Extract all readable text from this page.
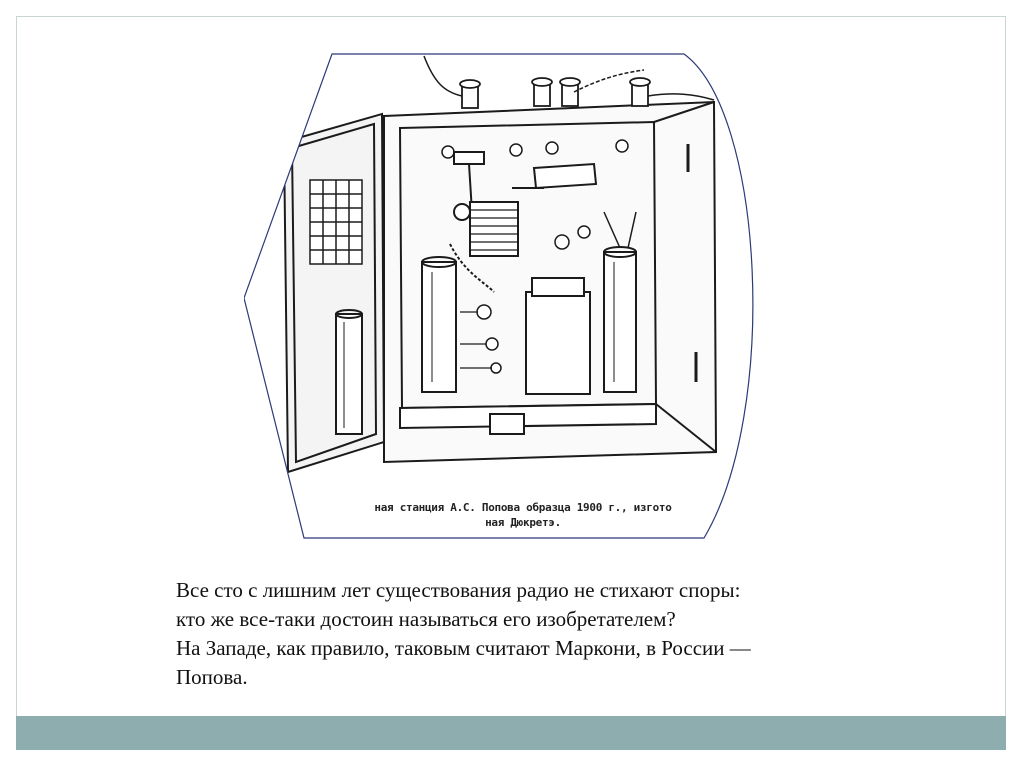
ная станция А.С. Попова образца 1900 г., изгото
ная Дюкретэ.
Все сто с лишним лет существования радио не стихают споры:
кто же все-таки достоин называться его изобретателем?
На Западе, как правило, таковым считают Маркони, в России —
Попова.
